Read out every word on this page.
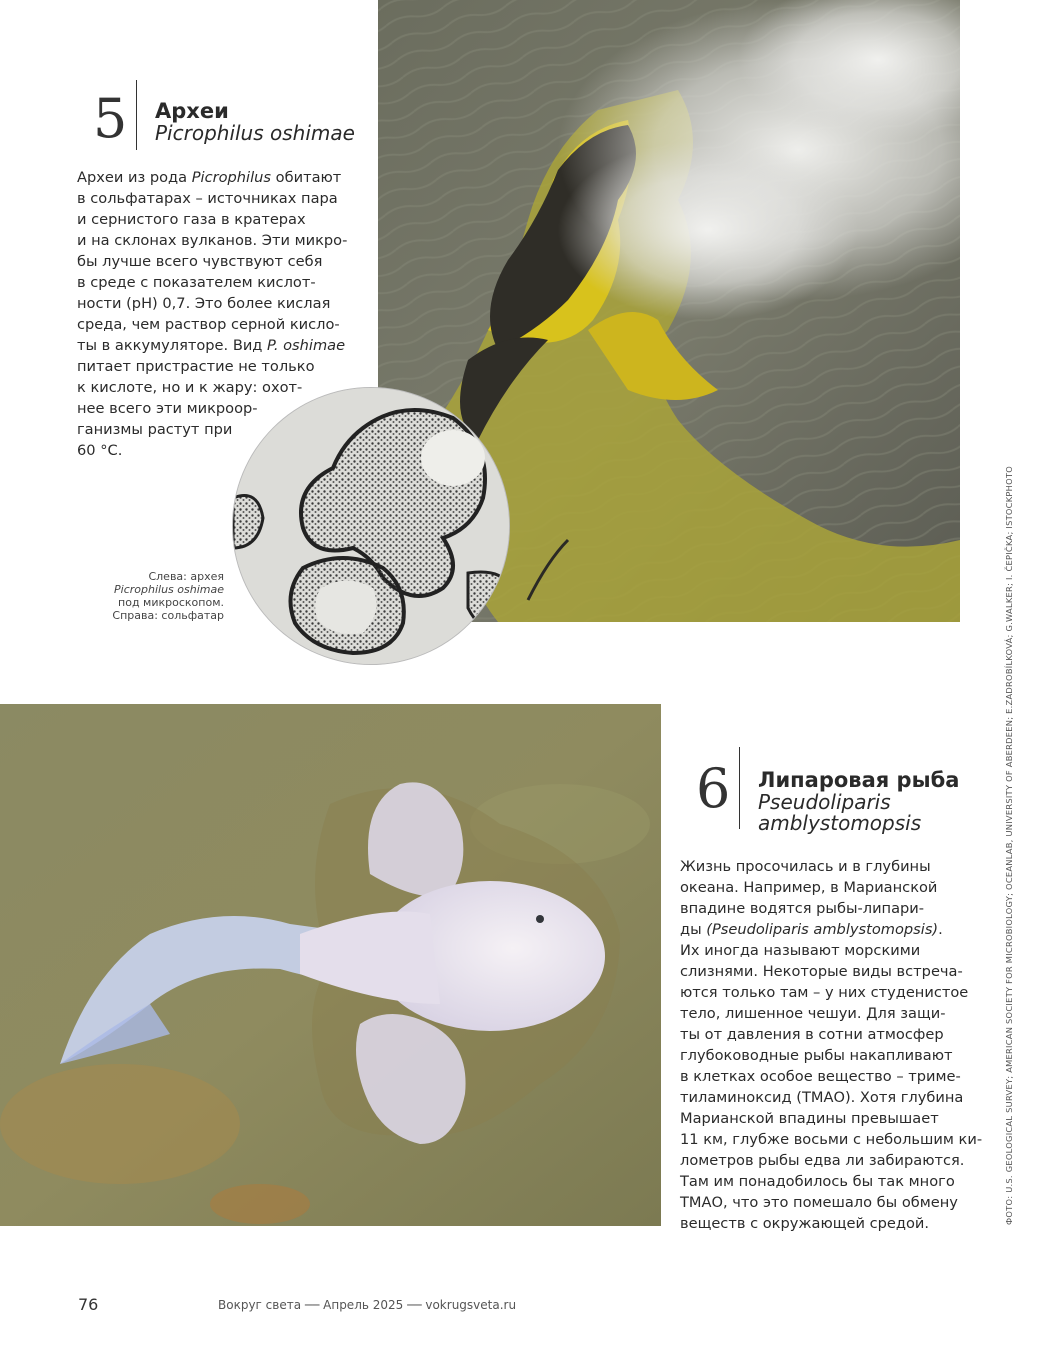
5 Археи
Picrophilus oshimae
Археи из рода Picrophilus обитают
в сольфатарах – источниках пара
и сернистого газа в кратерах
и на склонах вулканов. Эти микро-
бы лучше всего чувствуют себя
в среде с показателем кислот-
ности (pH) 0,7. Это более кислая
среда, чем раствор серной кисло-
ты в аккумуляторе. Вид P. oshimae
питает пристрастие не только
к кислоте, но и к жару: охот-
нее всего эти микроор-
ганизмы растут при
60 °C.
Слева: архея
Picrophilus oshimae
под микроскопом.
Справа: сольфатар
6 Липаровая рыба
Pseudoliparis
amblystomopsis
Жизнь просочилась и в глубины
океана. Например, в Марианской
впадине водятся рыбы-липари-
ды (Pseudoliparis amblystomopsis).
Их иногда называют морскими
слизнями. Некоторые виды встреча-
ются только там – у них студенистое
тело, лишенное чешуи. Для защи-
ты от давления в сотни атмосфер
глубоководные рыбы накапливают
в клетках особое вещество – триме-
тиламиноксид (ТМАО). Хотя глубина
Марианской впадины превышает
11 км, глубже восьми с небольшим ки-
лометров рыбы едва ли забираются.
Там им понадобилось бы так много
ТМАО, что это помешало бы обмену
веществ с окружающей средой.	ФОТО: U.S. GEOLOGICAL SURVEY; AMERICAN SOCIETY FOR MICROBIOLOGY; OCEANLAB, UNIVERSITY OF ABERDEEN; E.ZADROBÍLKOVÁ; G.WALKER; I. ČEPIČKA; ISTOCKPHOTO
76	Вокруг света ── Апрель 2025 ── vokrugsveta.ru
